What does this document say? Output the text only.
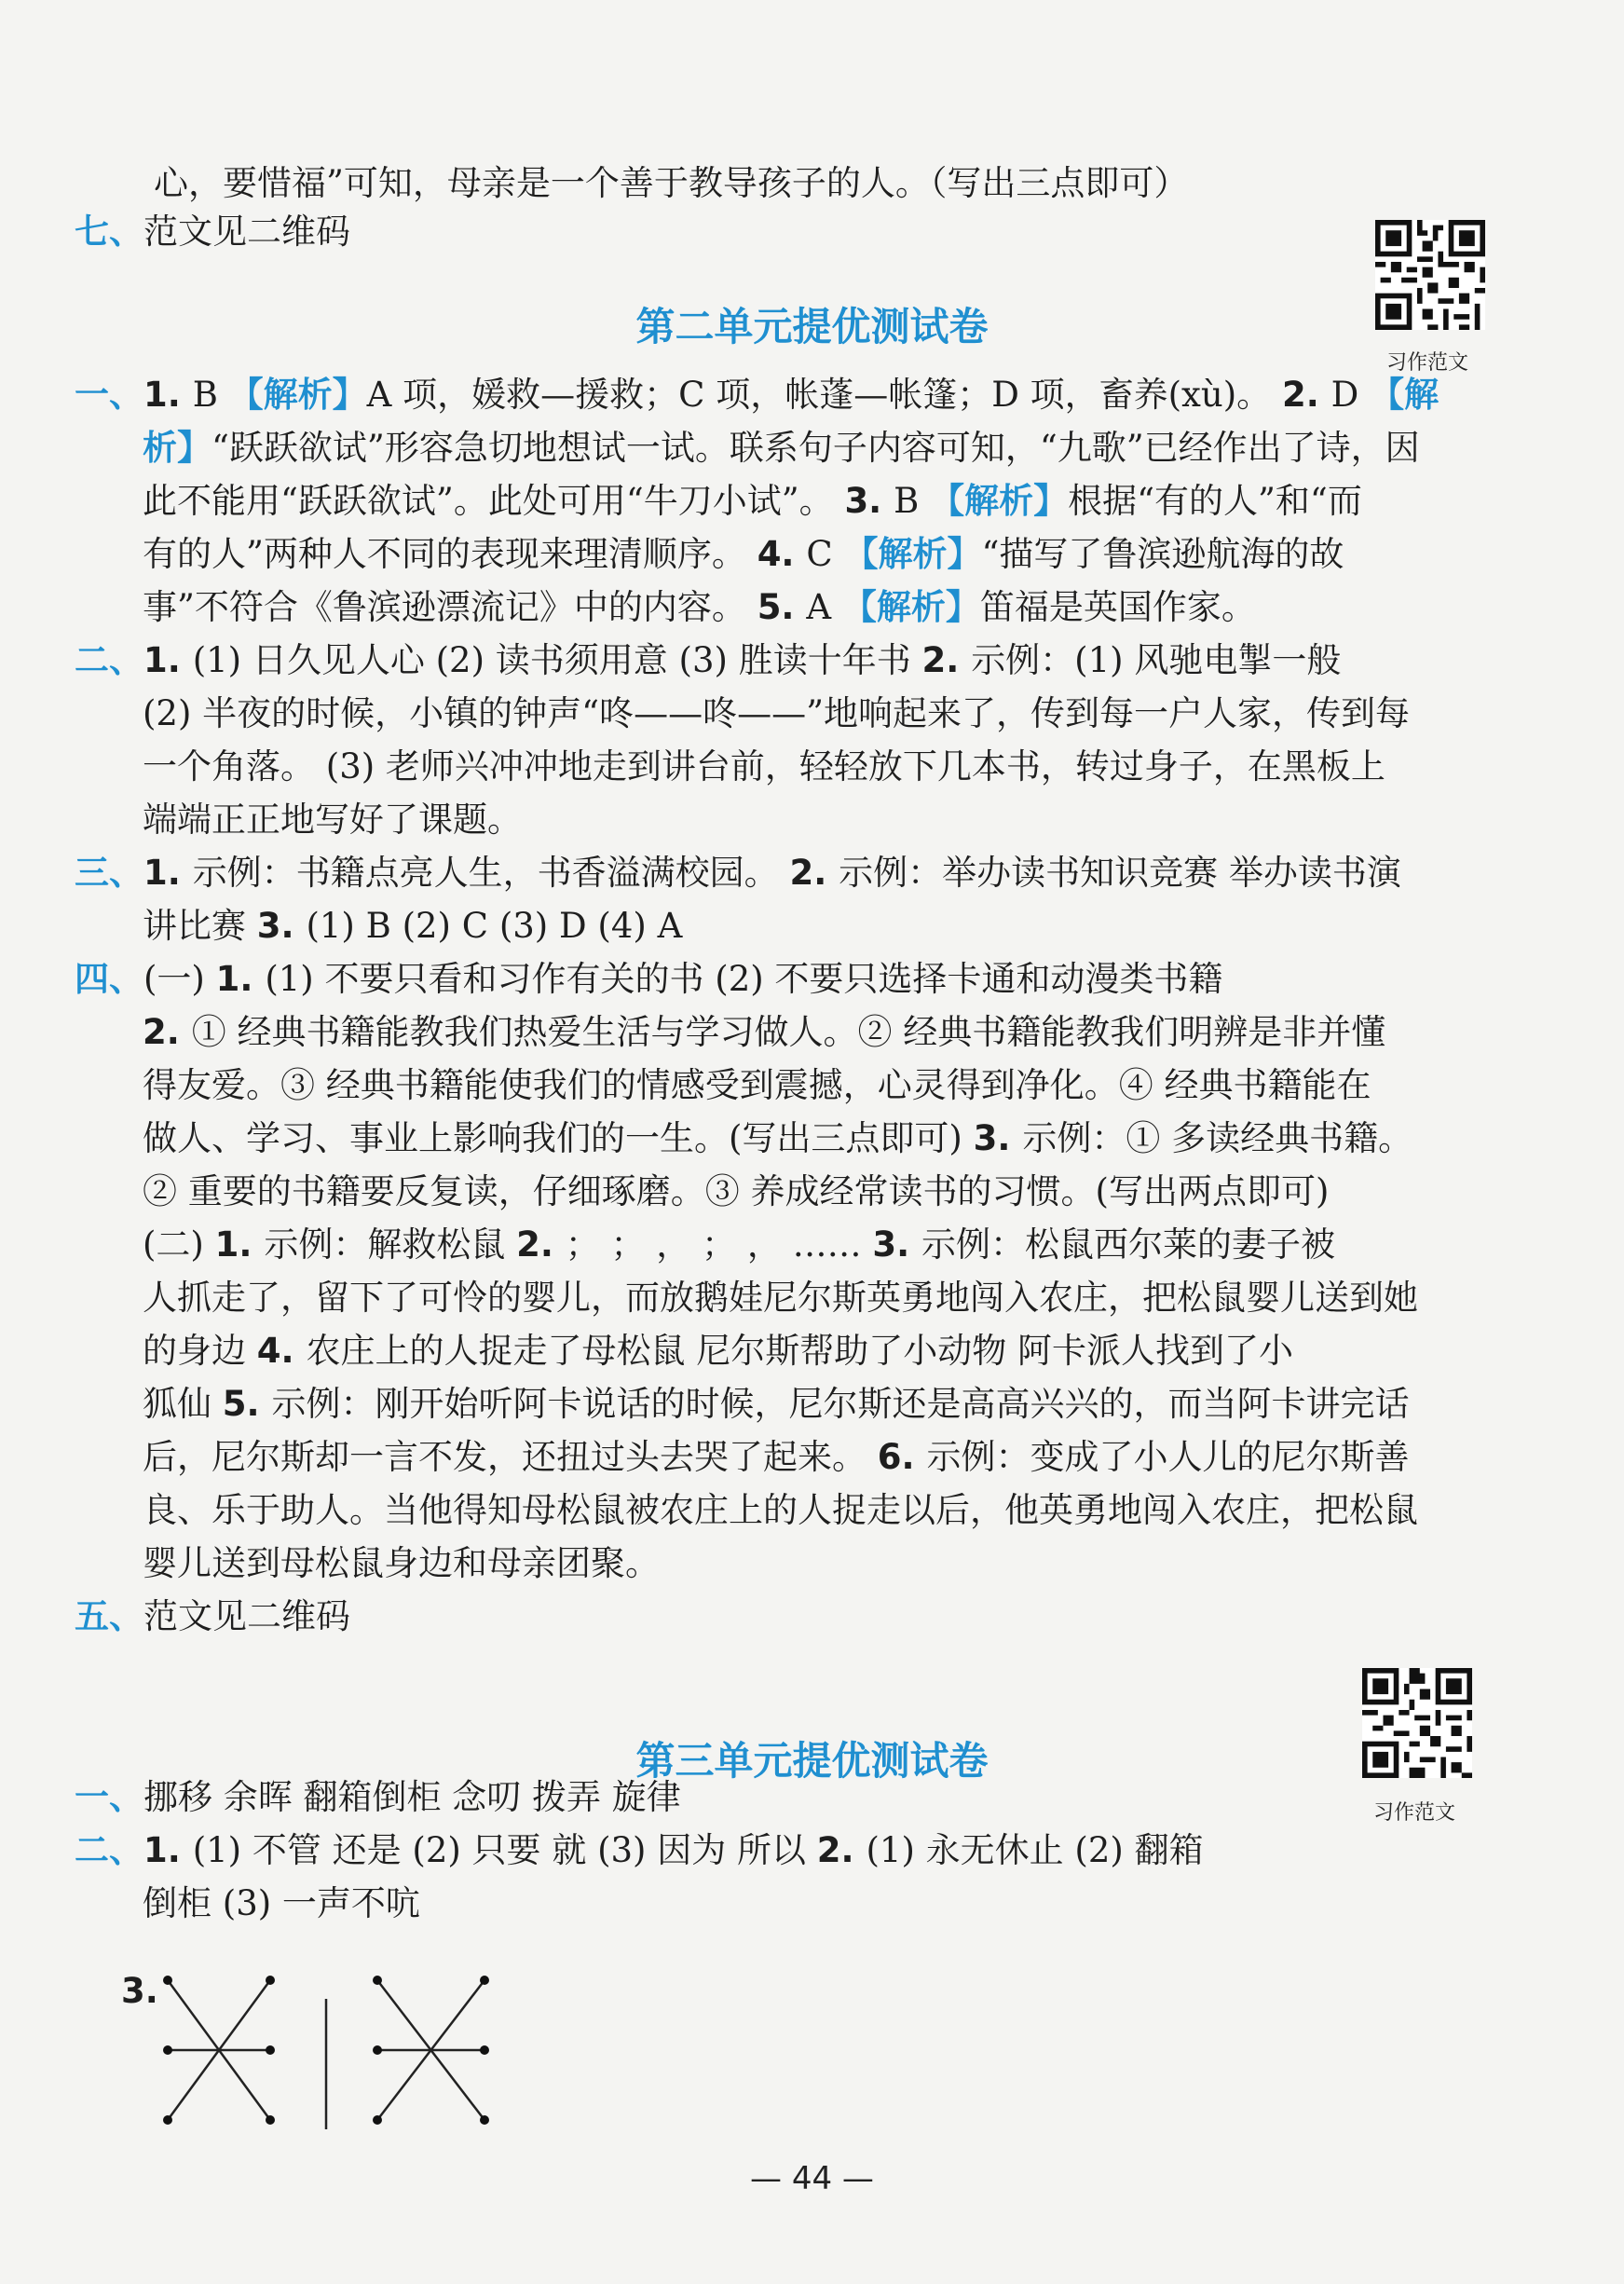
心，要惜福”可知，母亲是一个善于教导孩子的人。（写出三点即可）
七、范文见二维码
一、1. B 【解析】A 项，媛救—援救；C 项，帐蓬—帐篷；D 项，畜养(xù)。 2. D 【解
析】“跃跃欲试”形容急切地想试一试。联系句子内容可知，“九歌”已经作出了诗，因
此不能用“跃跃欲试”。此处可用“牛刀小试”。 3. B 【解析】根据“有的人”和“而
有的人”两种人不同的表现来理清顺序。 4. C 【解析】“描写了鲁滨逊航海的故
事”不符合《鲁滨逊漂流记》中的内容。 5. A 【解析】笛福是英国作家。
二、1. (1) 日久见人心 (2) 读书须用意 (3) 胜读十年书 2. 示例：(1) 风驰电掣一般
(2) 半夜的时候，小镇的钟声“咚——咚——”地响起来了，传到每一户人家，传到每
一个角落。 (3) 老师兴冲冲地走到讲台前，轻轻放下几本书，转过身子，在黑板上
端端正正地写好了课题。
三、1. 示例：书籍点亮人生，书香溢满校园。 2. 示例：举办读书知识竞赛 举办读书演
讲比赛 3. (1) B (2) C (3) D (4) A
四、(一) 1. (1) 不要只看和习作有关的书 (2) 不要只选择卡通和动漫类书籍
2. ① 经典书籍能教我们热爱生活与学习做人。② 经典书籍能教我们明辨是非并懂
得友爱。③ 经典书籍能使我们的情感受到震撼，心灵得到净化。④ 经典书籍能在
做人、学习、事业上影响我们的一生。(写出三点即可) 3. 示例：① 多读经典书籍。
② 重要的书籍要反复读，仔细琢磨。③ 养成经常读书的习惯。(写出两点即可)
(二) 1. 示例：解救松鼠 2. ； ； ， ； ， …… 3. 示例：松鼠西尔莱的妻子被
人抓走了，留下了可怜的婴儿，而放鹅娃尼尔斯英勇地闯入农庄，把松鼠婴儿送到她
的身边 4. 农庄上的人捉走了母松鼠 尼尔斯帮助了小动物 阿卡派人找到了小
狐仙 5. 示例：刚开始听阿卡说话的时候，尼尔斯还是高高兴兴的，而当阿卡讲完话
后，尼尔斯却一言不发，还扭过头去哭了起来。 6. 示例：变成了小人儿的尼尔斯善
良、乐于助人。当他得知母松鼠被农庄上的人捉走以后，他英勇地闯入农庄，把松鼠
婴儿送到母松鼠身边和母亲团聚。
五、范文见二维码
一、挪移 余晖 翻箱倒柜 念叨 拨弄 旋律
二、1. (1) 不管 还是 (2) 只要 就 (3) 因为 所以 2. (1) 永无休止 (2) 翻箱
倒柜 (3) 一声不吭
第二单元提优测试卷
第三单元提优测试卷
习作范文
习作范文
3.
— 44 —
